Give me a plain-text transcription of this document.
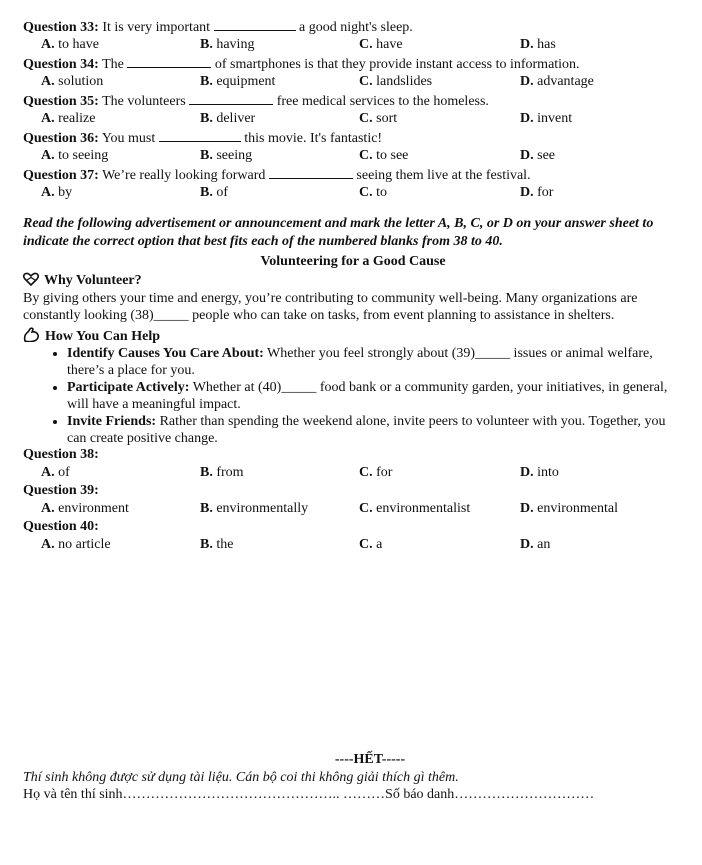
Question 33: It is very important	a good night's sleep.
A. to have	B. having	C. have	D. has
Question 34: The	of smartphones is that they provide instant access to information.
A. solution	B. equipment	C. landslides	D. advantage
Question 35: The volunteers	free medical services to the homeless.
A. realize	B. deliver	C. sort	D. invent
Question 36: You must	this movie. It's fantastic!
A. to seeing	B. seeing	C. to see	D. see
Question 37: We’re really looking forward	seeing them live at the festival.
A. by	B. of	C. to	D. for
Read the following advertisement or announcement and mark the letter A, B, C, or D on your answer sheet to indicate the correct option that best fits each of the numbered blanks from 38 to 40.
Volunteering for a Good Cause
Why Volunteer?
By giving others your time and energy, you’re contributing to community well-being. Many organizations are constantly looking (38)_____ people who can take on tasks, from event planning to assistance in shelters.
How You Can Help
• Identify Causes You Care About: Whether you feel strongly about (39)_____ issues or animal welfare, there’s a place for you.
• Participate Actively: Whether at (40)_____ food bank or a community garden, your initiatives, in general, will have a meaningful impact.
• Invite Friends: Rather than spending the weekend alone, invite peers to volunteer with you. Together, you can create positive change.
Question 38:
A. of	B. from	C. for	D. into
Question 39:
A. environment	B. environmentally	C. environmentalist	D. environmental
Question 40:
A. no article	B. the	C. a	D. an
----HẾT-----
Thí sinh không được sử dụng tài liệu. Cán bộ coi thi không giải thích gì thêm.
Họ và tên thí sinh……………………………………….. ………Số báo danh…………………………
